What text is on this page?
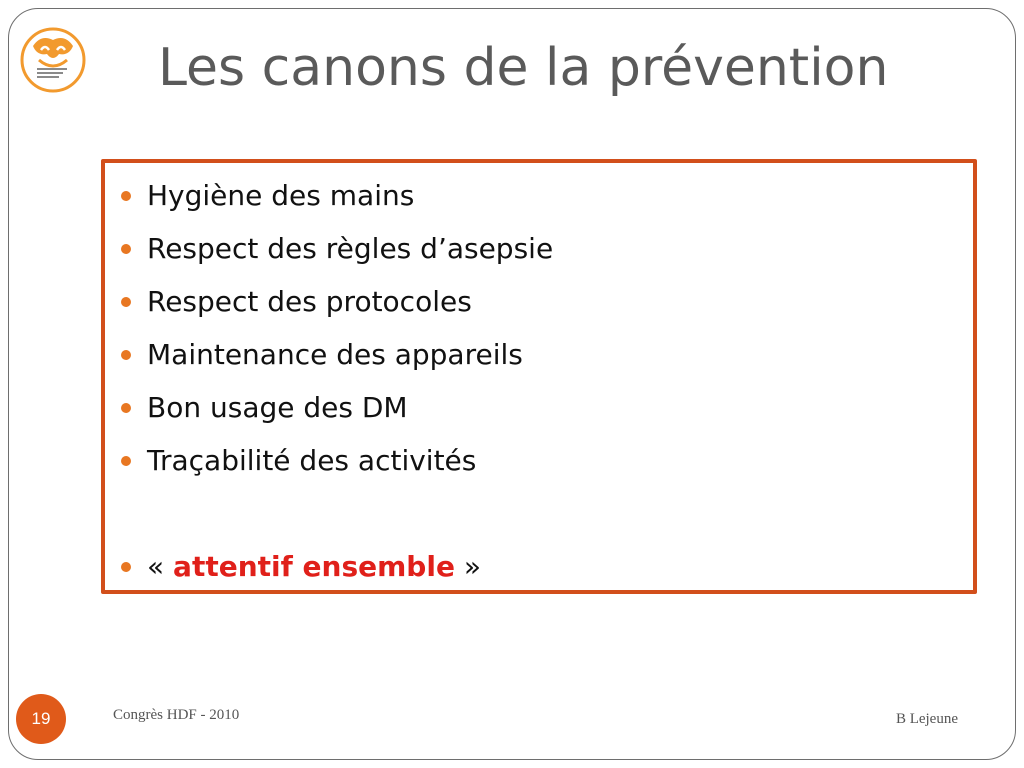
Les canons de la prévention
Hygiène des mains
Respect des règles d’asepsie
Respect des protocoles
Maintenance des appareils
Bon usage des DM
Traçabilité des activités
« attentif ensemble »
19	Congrès HDF - 2010	B Lejeune
